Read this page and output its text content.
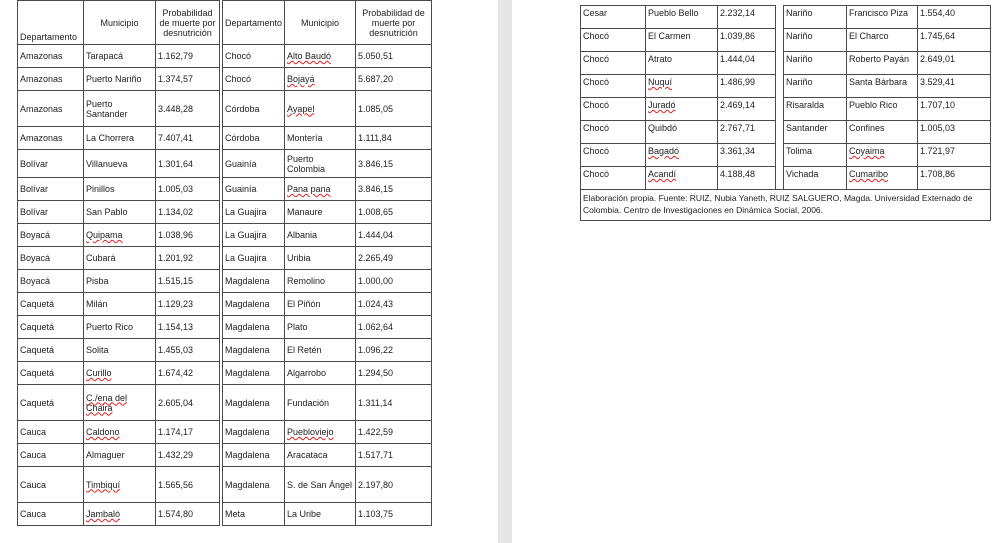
Departamento	Municipio	Probabilidad de muerte por desnutrición		Departamento	Municipio	Probabilidad de muerte por desnutrición
Amazonas	Tarapacá	1.162,79		Chocó	Alto Baudó	5.050,51
Amazonas	Puerto Nariño	1.374,57		Chocó	Bojayá	5.687,20
Amazonas	Puerto Santander	3.448,28		Córdoba	Ayapel	1.085,05
Amazonas	La Chorrera	7.407,41		Córdoba	Montería	1.111,84
Bolívar	Villanueva	1.301,64		Guainía	Puerto Colombia	3.846,15
Bolívar	Pinillos	1.005,03		Guainía	Pana pana	3.846,15
Bolívar	San Pablo	1.134,02		La Guajira	Manaure	1.008,65
Boyacá	Quipama	1.038,96		La Guajira	Albania	1.444,04
Boyacá	Cubará	1.201,92		La Guajira	Uribia	2.265,49
Boyacá	Pisba	1.515,15		Magdalena	Remolino	1.000,00
Caquetá	Milán	1.129,23		Magdalena	El Piñón	1.024,43
Caquetá	Puerto Rico	1.154,13		Magdalena	Plato	1.062,64
Caquetá	Solita	1.455,03		Magdalena	El Retén	1.096,22
Caquetá	Curillo	1.674,42		Magdalena	Algarrobo	1.294,50
Caquetá	C./ena del Chairá	2.605,04		Magdalena	Fundación	1.311,14
Cauca	Caldono	1.174,17		Magdalena	Puebloviejo	1.422,59
Cauca	Almaguer	1.432,29		Magdalena	Aracataca	1.517,71
Cauca	Timbiquí	1.565,56		Magdalena	S. de San Ángel	2.197,80
Cauca	Jambaló	1.574,80		Meta	La Uribe	1.103,75
Cesar	Pueblo Bello	2.232,14		Nariño	Francisco Piza	1.554,40
Chocó	El Carmen	1.039,86		Nariño	El Charco	1.745,64
Chocó	Atrato	1.444,04		Nariño	Roberto Payán	2.649,01
Chocó	Nuquí	1.486,99		Nariño	Santa Bárbara	3.529,41
Chocó	Juradó	2.469,14		Risaralda	Pueblo Rico	1.707,10
Chocó	Quibdó	2.767,71		Santander	Confines	1.005,03
Chocó	Bagadó	3.361,34		Tolima	Coyaima	1.721,97
Chocó	Acandí	4.188,48		Vichada	Cumaribo	1.708,86
Elaboración propia. Fuente: RUIZ, Nubia Yaneth, RUIZ SALGUERO, Magda. Universidad Externado de Colombia. Centro de Investigaciones en Dinámica Social, 2006.						
